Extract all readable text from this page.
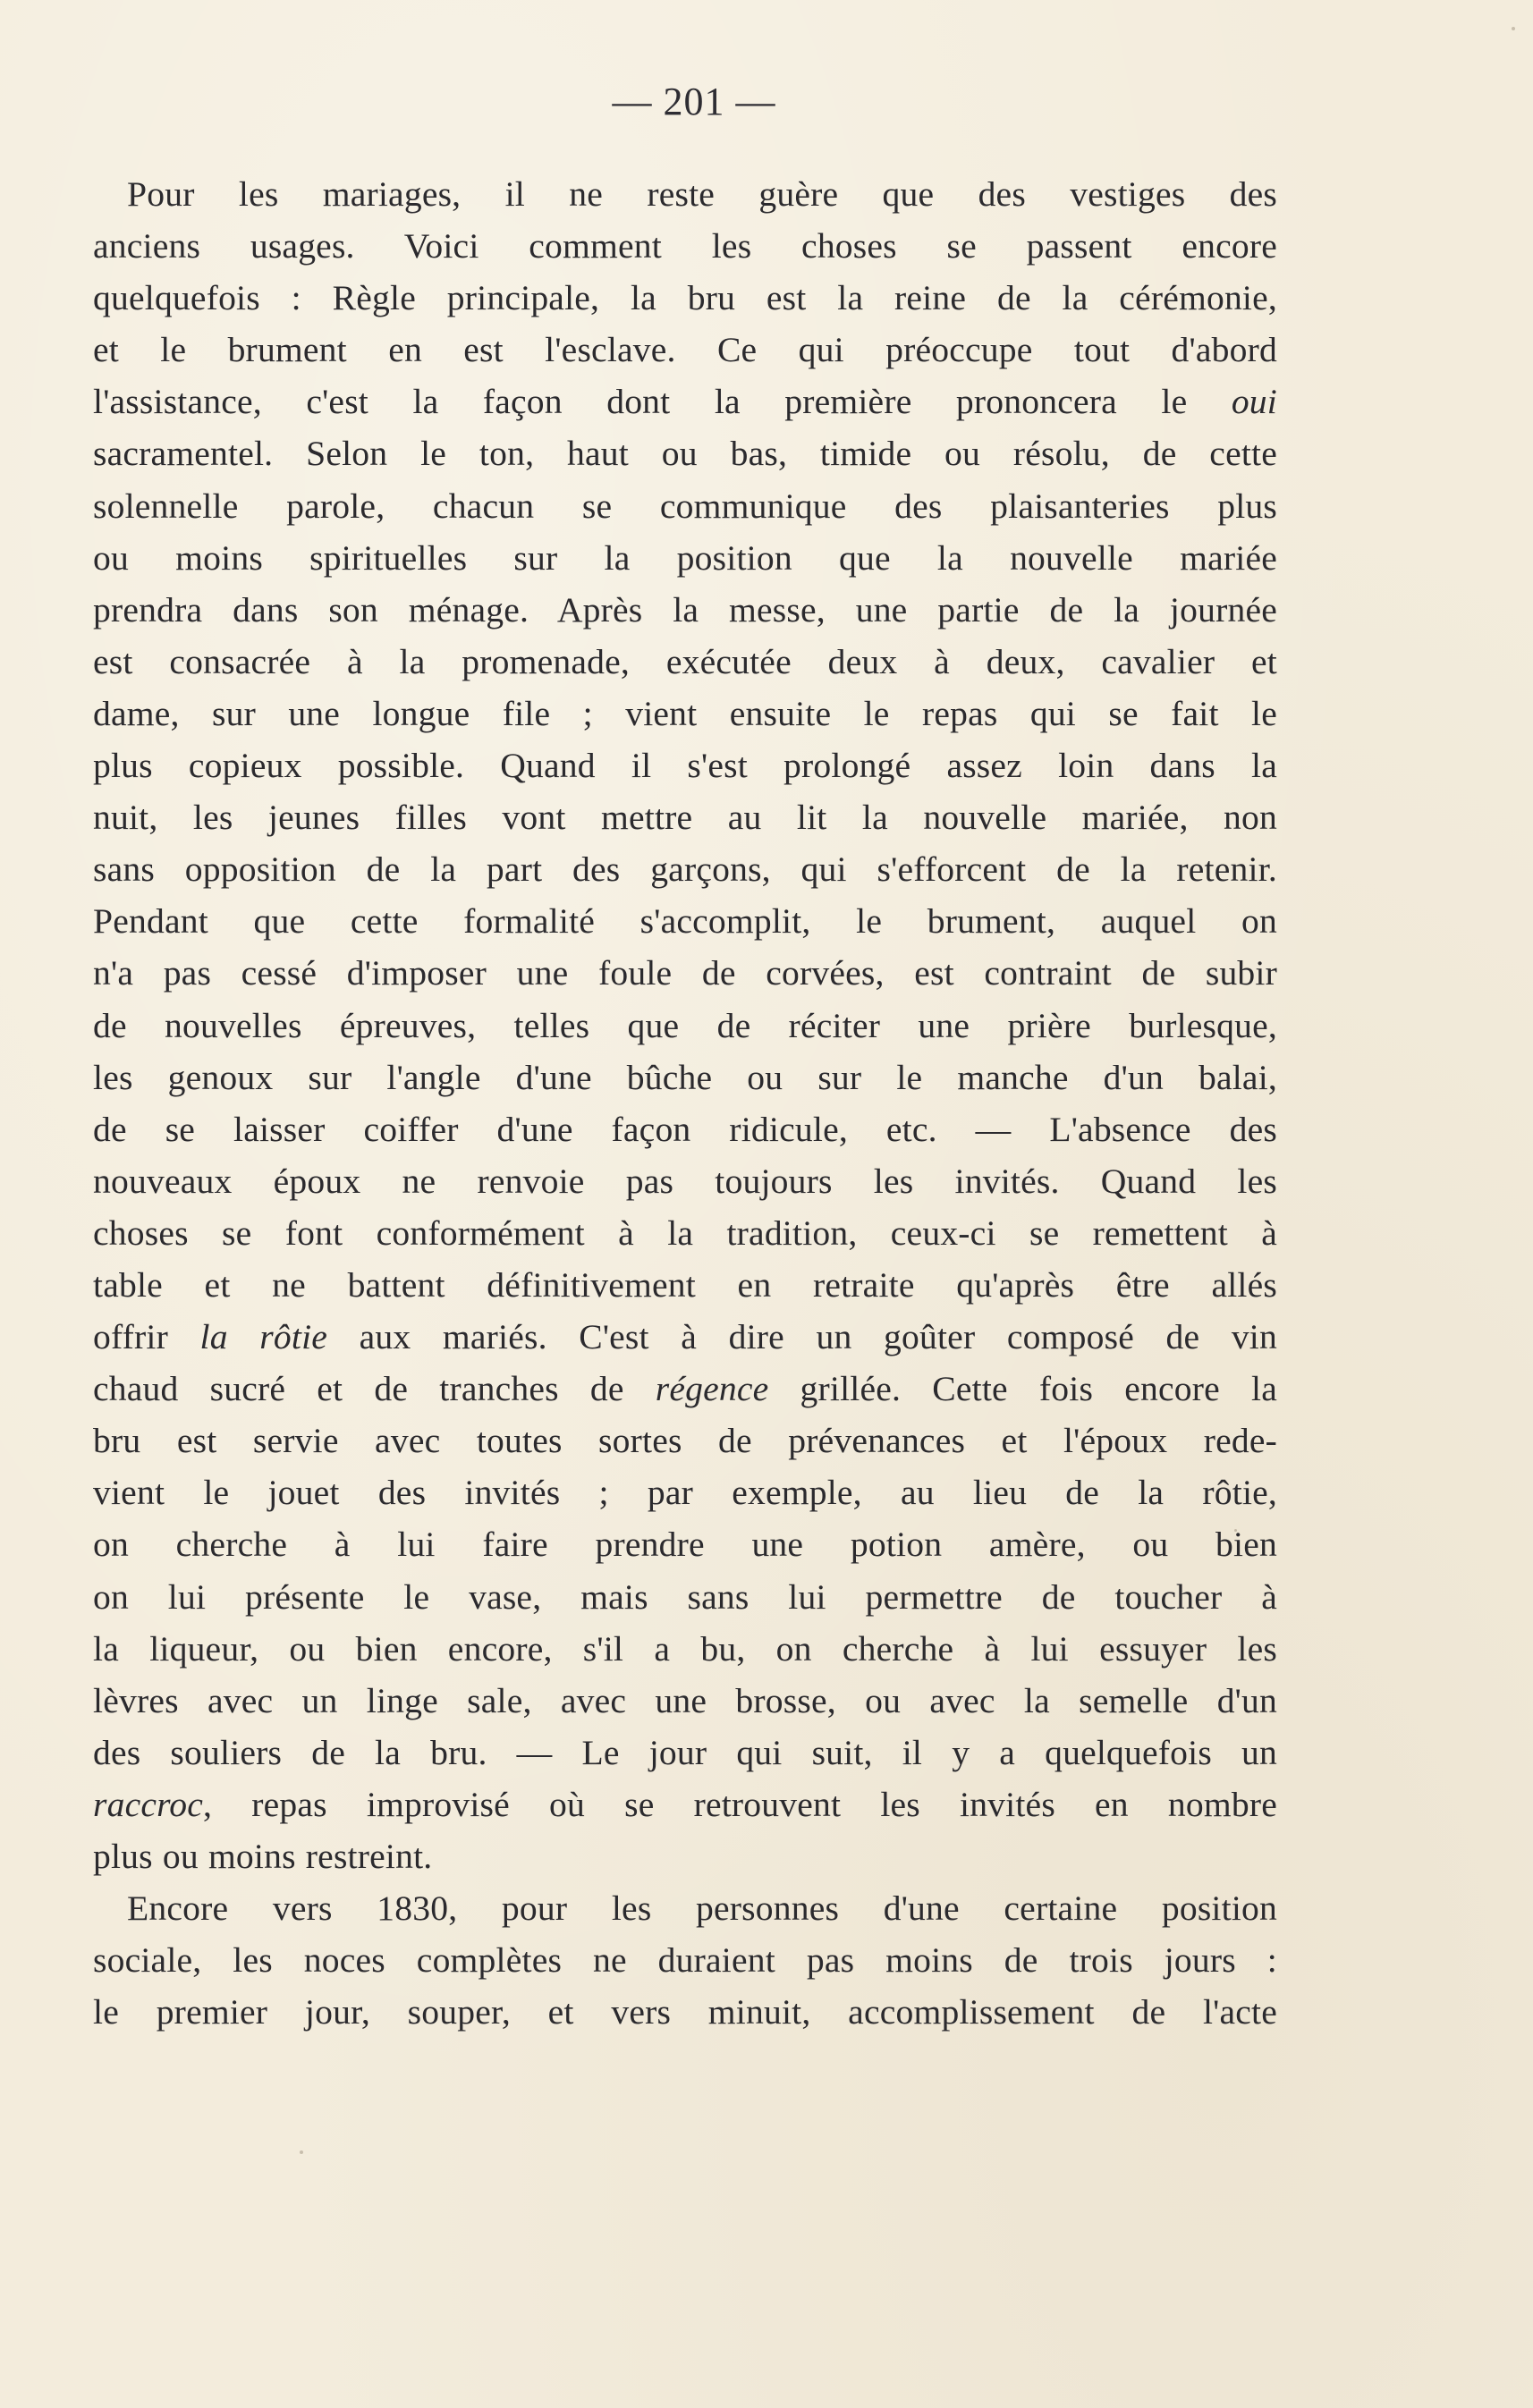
— 201 —
Pour les mariages, il ne reste guère que des vestiges des
anciens usages. Voici comment les choses se passent encore
quelquefois : Règle principale, la bru est la reine de la cérémonie,
et le brument en est l'esclave. Ce qui préoccupe tout d'abord
l'assistance, c'est la façon dont la première prononcera le oui
sacramentel. Selon le ton, haut ou bas, timide ou résolu, de cette
solennelle parole, chacun se communique des plaisanteries plus
ou moins spirituelles sur la position que la nouvelle mariée
prendra dans son ménage. Après la messe, une partie de la journée
est consacrée à la promenade, exécutée deux à deux, cavalier et
dame, sur une longue file ; vient ensuite le repas qui se fait le
plus copieux possible. Quand il s'est prolongé assez loin dans la
nuit, les jeunes filles vont mettre au lit la nouvelle mariée, non
sans opposition de la part des garçons, qui s'efforcent de la retenir.
Pendant que cette formalité s'accomplit, le brument, auquel on
n'a pas cessé d'imposer une foule de corvées, est contraint de subir
de nouvelles épreuves, telles que de réciter une prière burlesque,
les genoux sur l'angle d'une bûche ou sur le manche d'un balai,
de se laisser coiffer d'une façon ridicule, etc. — L'absence des
nouveaux époux ne renvoie pas toujours les invités. Quand les
choses se font conformément à la tradition, ceux-ci se remettent à
table et ne battent définitivement en retraite qu'après être allés
offrir la rôtie aux mariés. C'est à dire un goûter composé de vin
chaud sucré et de tranches de régence grillée. Cette fois encore la
bru est servie avec toutes sortes de prévenances et l'époux rede-
vient le jouet des invités ; par exemple, au lieu de la rôtie,
on cherche à lui faire prendre une potion amère, ou bien
on lui présente le vase, mais sans lui permettre de toucher à
la liqueur, ou bien encore, s'il a bu, on cherche à lui essuyer les
lèvres avec un linge sale, avec une brosse, ou avec la semelle d'un
des souliers de la bru. — Le jour qui suit, il y a quelquefois un
raccroc, repas improvisé où se retrouvent les invités en nombre
plus ou moins restreint.
Encore vers 1830, pour les personnes d'une certaine position
sociale, les noces complètes ne duraient pas moins de trois jours :
le premier jour, souper, et vers minuit, accomplissement de l'acte
